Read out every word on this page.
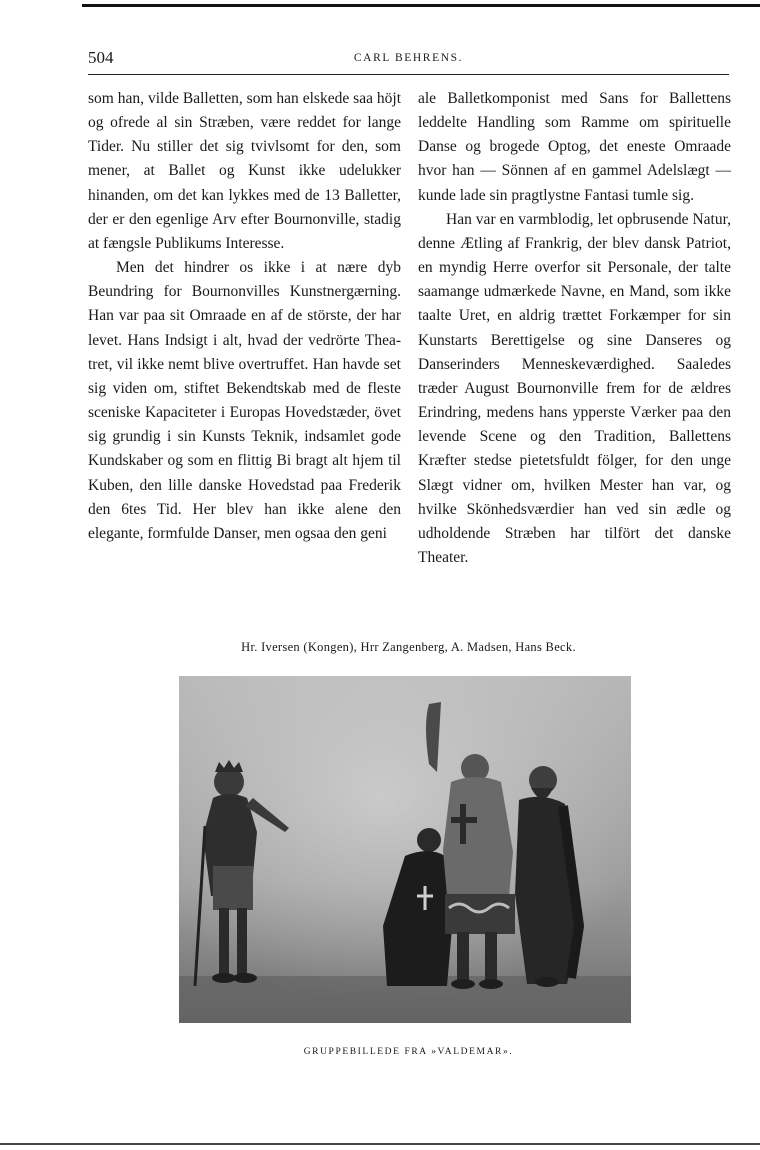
504	CARL BEHRENS.

som han, vilde Balletten, som han elskede saa höjt og ofrede al sin Stræben, være reddet for lange Tider. Nu stiller det sig tvivlsomt for den, som mener, at Ballet og Kunst ikke udelukker hinanden, om det kan lykkes med de 13 Balletter, der er den egenlige Arv efter Bournonville, stadig at fængsle Publikums Interesse.

Men det hindrer os ikke i at nære dyb Beundring for Bournonvilles Kunstnergærning. Han var paa sit Omraade en af de störste, der har levet. Hans Indsigt i alt, hvad der vedrörte Theatret, vil ikke nemt blive overtruffet. Han havde set sig viden om, stiftet Bekendtskab med de fleste sceniske Kapaciteter i Europas Hovedstæder, övet sig grundig i sin Kunsts Teknik, indsamlet gode Kundskaber og som en flittig Bi bragt alt hjem til Kuben, den lille danske Hovedstad paa Frederik den 6tes Tid. Her blev han ikke alene den elegante, formfulde Danser, men ogsaa den geni

ale Balletkomponist med Sans for Ballettens leddelte Handling som Ramme om spirituelle Danse og brogede Optog, det eneste Omraade hvor han — Sönnen af en gammel Adelslægt — kunde lade sin pragtlystne Fantasi tumle sig.

Han var en varmblodig, let opbrusende Natur, denne Ætling af Frankrig, der blev dansk Patriot, en myndig Herre overfor sit Personale, der talte saamange udmærkede Navne, en Mand, som ikke taalte Uret, en aldrig trættet Forkæmper for sin Kunstarts Berettigelse og sine Danseres og Danserinders Menneskeværdighed. Saaledes træder August Bournonville frem for de ældres Erindring, medens hans ypperste Værker paa den levende Scene og den Tradition, Ballettens Kræfter stedse pietetsfuldt fölger, for den unge Slægt vidner om, hvilken Mester han var, og hvilke Skönhedsværdier han ved sin ædle og udholdende Stræben har tilfört det danske Theater.

Hr. Iversen (Kongen), Hrr Zangenberg, A. Madsen, Hans Beck.
GRUPPEBILLEDE FRA »VALDEMAR».
